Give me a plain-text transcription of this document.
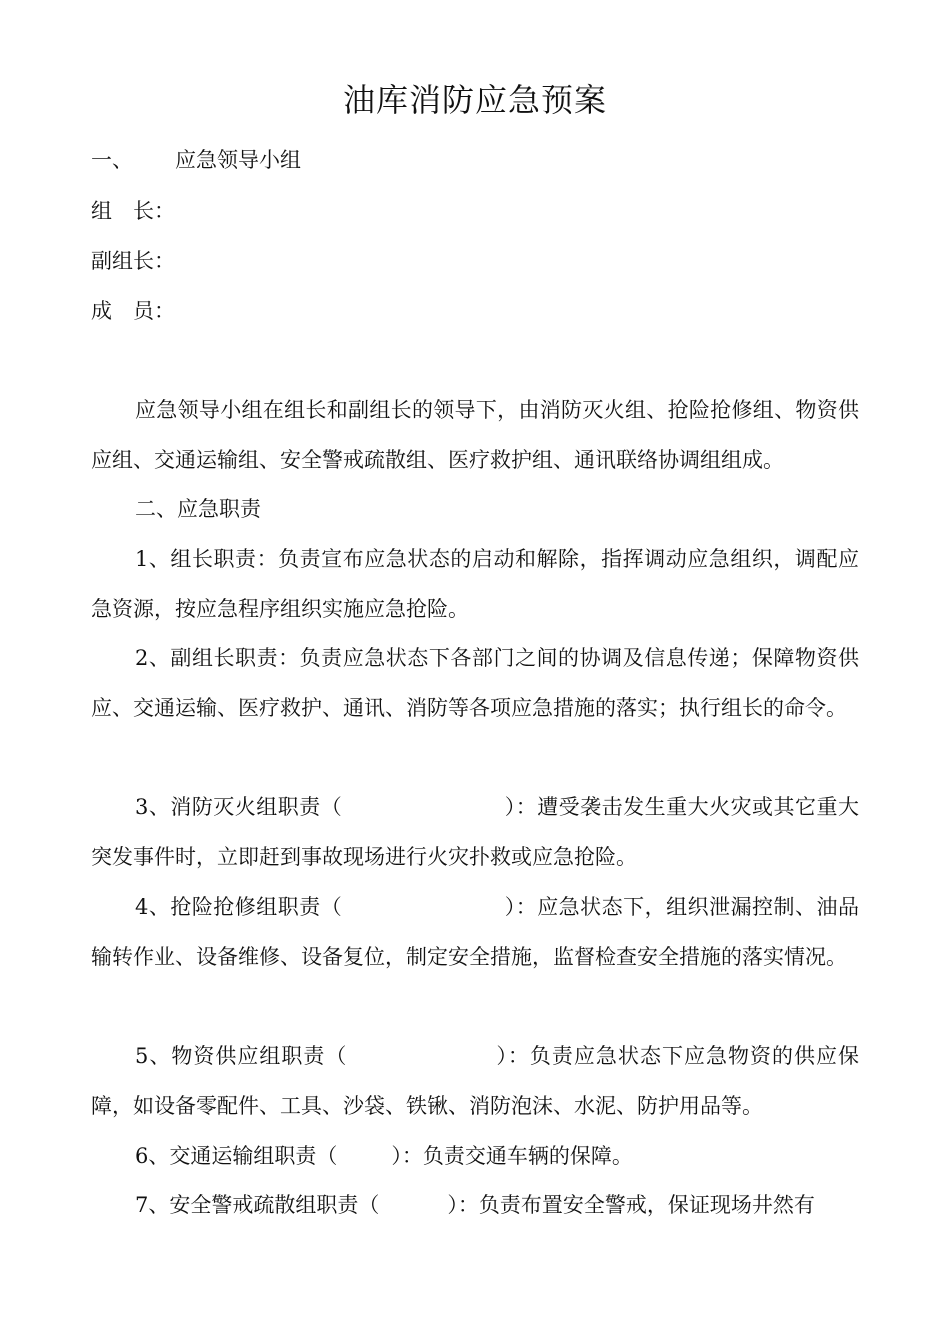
油库消防应急预案
一、 应急领导小组
组　长：
副组长：
成　员：
应急领导小组在组长和副组长的领导下，由消防灭火组、抢险抢修组、物资供应组、交通运输组、安全警戒疏散组、医疗救护组、通讯联络协调组组成。
二、应急职责
1、组长职责：负责宣布应急状态的启动和解除，指挥调动应急组织，调配应急资源，按应急程序组织实施应急抢险。
2、副组长职责：负责应急状态下各部门之间的协调及信息传递；保障物资供应、交通运输、医疗救护、通讯、消防等各项应急措施的落实；执行组长的命令。
3、消防灭火组职责（	）：遭受袭击发生重大火灾或其它重大突发事件时，立即赶到事故现场进行火灾扑救或应急抢险。
4、抢险抢修组职责（	）：应急状态下，组织泄漏控制、油品输转作业、设备维修、设备复位，制定安全措施，监督检查安全措施的落实情况。
5、物资供应组职责（	）：负责应急状态下应急物资的供应保障，如设备零配件、工具、沙袋、铁锹、消防泡沫、水泥、防护用品等。
6、交通运输组职责（	）：负责交通车辆的保障。
7、安全警戒疏散组职责（	）：负责布置安全警戒，保证现场井然有
